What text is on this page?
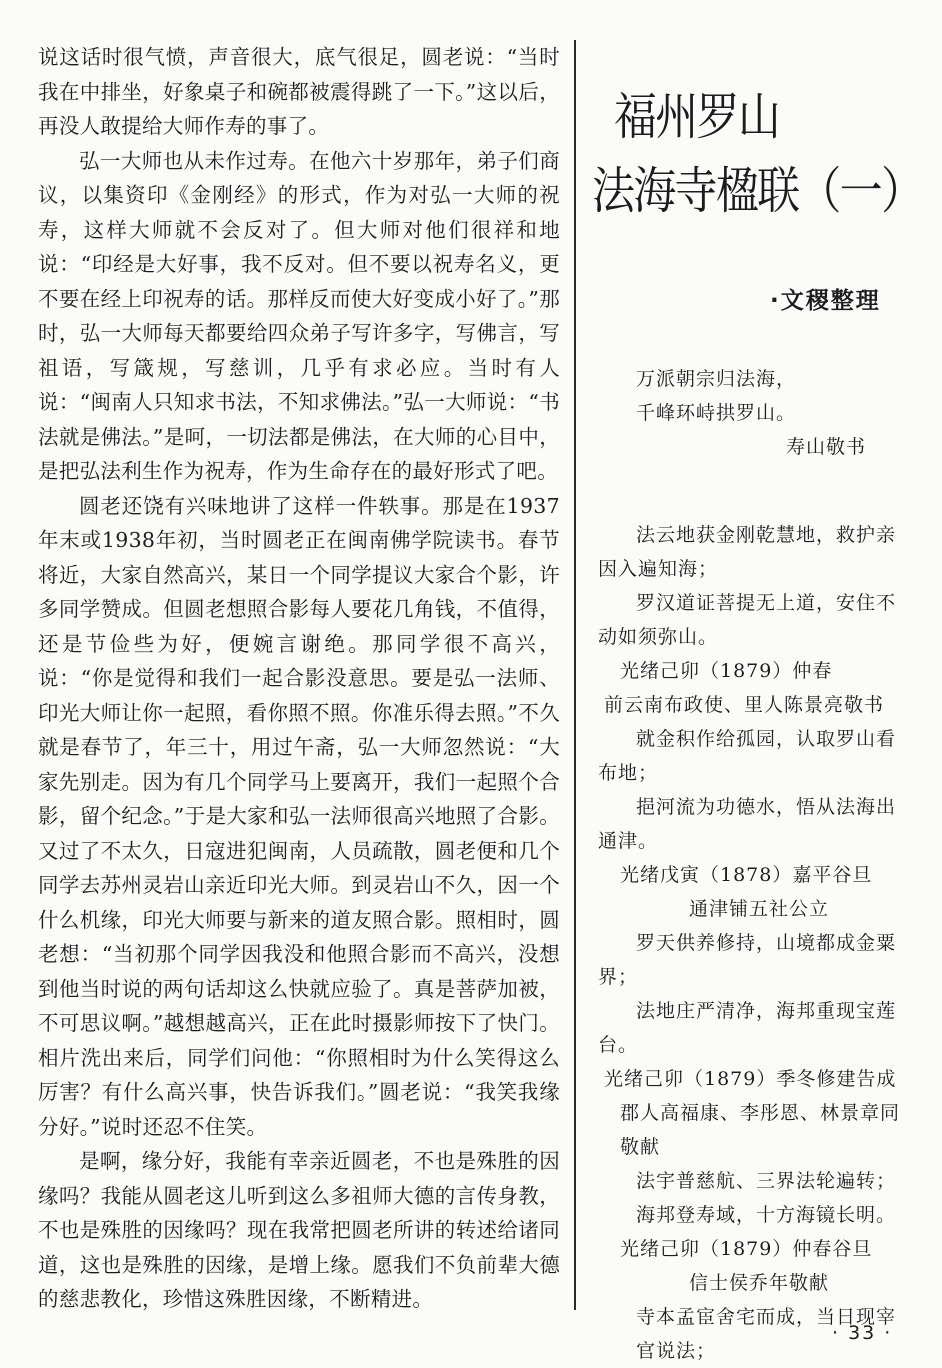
说这话时很气愤，声音很大，底气很足，圆老说：“当时我在中排坐，好象桌子和碗都被震得跳了一下。”这以后，再没人敢提给大师作寿的事了。

弘一大师也从未作过寿。在他六十岁那年，弟子们商议，以集资印《金刚经》的形式，作为对弘一大师的祝寿，这样大师就不会反对了。但大师对他们很祥和地说：“印经是大好事，我不反对。但不要以祝寿名义，更不要在经上印祝寿的话。那样反而使大好变成小好了。”那时，弘一大师每天都要给四众弟子写许多字，写佛言，写祖语，写箴规，写慈训，几乎有求必应。当时有人说：“闽南人只知求书法，不知求佛法。”弘一大师说：“书法就是佛法。”是呵，一切法都是佛法，在大师的心目中，是把弘法利生作为祝寿，作为生命存在的最好形式了吧。

圆老还饶有兴味地讲了这样一件轶事。那是在1937年末或1938年初，当时圆老正在闽南佛学院读书。春节将近，大家自然高兴，某日一个同学提议大家合个影，许多同学赞成。但圆老想照合影每人要花几角钱，不值得，还是节俭些为好，便婉言谢绝。那同学很不高兴，说：“你是觉得和我们一起合影没意思。要是弘一法师、印光大师让你一起照，看你照不照。你准乐得去照。”不久就是春节了，年三十，用过午斋，弘一大师忽然说：“大家先别走。因为有几个同学马上要离开，我们一起照个合影，留个纪念。”于是大家和弘一法师很高兴地照了合影。又过了不太久，日寇进犯闽南，人员疏散，圆老便和几个同学去苏州灵岩山亲近印光大师。到灵岩山不久，因一个什么机缘，印光大师要与新来的道友照合影。照相时，圆老想：“当初那个同学因我没和他照合影而不高兴，没想到他当时说的两句话却这么快就应验了。真是菩萨加被，不可思议啊。”越想越高兴，正在此时摄影师按下了快门。相片洗出来后，同学们问他：“你照相时为什么笑得这么厉害？有什么高兴事，快告诉我们。”圆老说：“我笑我缘分好。”说时还忍不住笑。

是啊，缘分好，我能有幸亲近圆老，不也是殊胜的因缘吗？我能从圆老这儿听到这么多祖师大德的言传身教，不也是殊胜的因缘吗？现在我常把圆老所讲的转述给诸同道，这也是殊胜的因缘，是增上缘。愿我们不负前辈大德的慈悲教化，珍惜这殊胜因缘，不断精进。

福州罗山
法海寺楹联（一）
·文稷整理
万派朝宗归法海，
千峰环峙拱罗山。
寿山敬书
法云地获金刚乾慧地，救护亲
因入遍知海；
罗汉道证菩提无上道，安住不
动如须弥山。
光绪己卯（1879）仲春
前云南布政使、里人陈景亮敬书
就金积作给孤园，认取罗山看
布地；
挹河流为功德水，悟从法海出
通津。
光绪戊寅（1878）嘉平谷旦
通津铺五社公立
罗天供养修持，山境都成金粟
界；
法地庄严清净，海邦重现宝莲
台。
光绪己卯（1879）季冬修建告成
郡人高福康、李彤恩、林景章同
敬献
法宇普慈航、三界法轮遍转；
海邦登寿域，十方海镜长明。
光绪己卯（1879）仲春谷旦
信士侯乔年敬献
寺本孟宦舍宅而成，当日现宰
官说法；
· 33 ·
